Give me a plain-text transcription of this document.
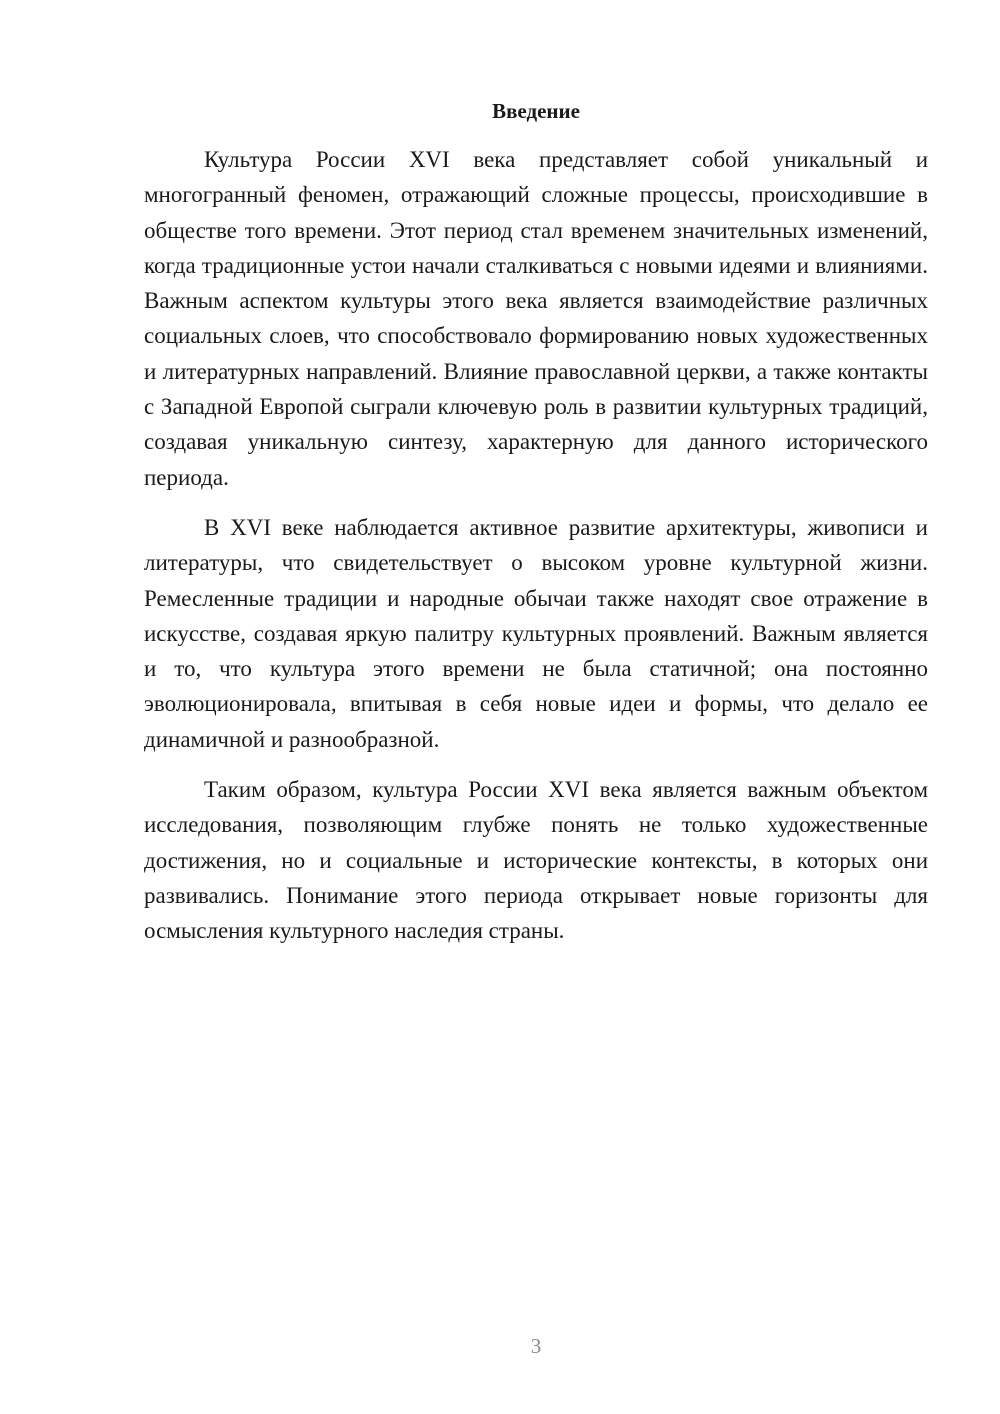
Введение

Культура России XVI века представляет собой уникальный и многогранный феномен, отражающий сложные процессы, происходившие в обществе того времени. Этот период стал временем значительных изменений, когда традиционные устои начали сталкиваться с новыми идеями и влияниями. Важным аспектом культуры этого века является взаимодействие различных социальных слоев, что способствовало формированию новых художественных и литературных направлений. Влияние православной церкви, а также контакты с Западной Европой сыграли ключевую роль в развитии культурных традиций, создавая уникальную синтезу, характерную для данного исторического периода.

В XVI веке наблюдается активное развитие архитектуры, живописи и литературы, что свидетельствует о высоком уровне культурной жизни. Ремесленные традиции и народные обычаи также находят свое отражение в искусстве, создавая яркую палитру культурных проявлений. Важным является и то, что культура этого времени не была статичной; она постоянно эволюционировала, впитывая в себя новые идеи и формы, что делало ее динамичной и разнообразной.

Таким образом, культура России XVI века является важным объектом исследования, позволяющим глубже понять не только художественные достижения, но и социальные и исторические контексты, в которых они развивались. Понимание этого периода открывает новые горизонты для осмысления культурного наследия страны.

3
